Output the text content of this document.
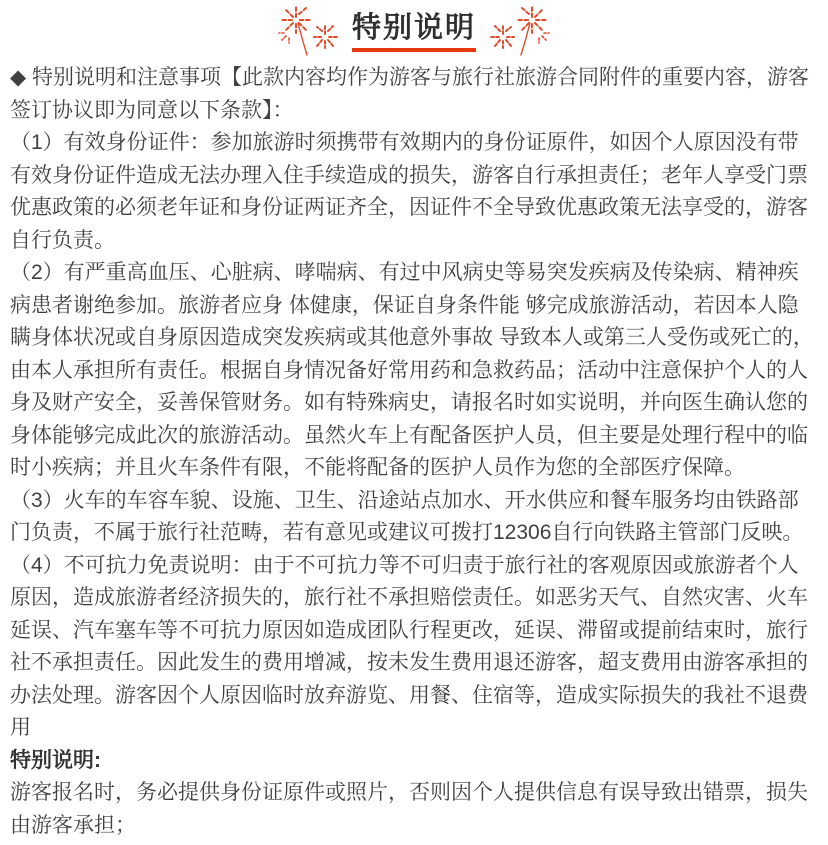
特别说明

◆ 特别说明和注意事项【此款内容均作为游客与旅行社旅游合同附件的重要内容，游客签订协议即为同意以下条款】：

（1）有效身份证件：参加旅游时须携带有效期内的身份证原件，如因个人原因没有带有效身份证件造成无法办理入住手续造成的损失，游客自行承担责任；老年人享受门票优惠政策的必须老年证和身份证两证齐全，因证件不全导致优惠政策无法享受的，游客自行负责。

（2）有严重高血压、心脏病、哮喘病、有过中风病史等易突发疾病及传染病、精神疾病患者谢绝参加。旅游者应身 体健康，保证自身条件能 够完成旅游活动，若因本人隐瞒身体状况或自身原因造成突发疾病或其他意外事故 导致本人或第三人受伤或死亡的，由本人承担所有责任。根据自身情况备好常用药和急救药品；活动中注意保护个人的人身及财产安全，妥善保管财务。如有特殊病史，请报名时如实说明，并向医生确认您的身体能够完成此次的旅游活动。虽然火车上有配备医护人员，但主要是处理行程中的临时小疾病；并且火车条件有限，不能将配备的医护人员作为您的全部医疗保障。

（3）火车的车容车貌、设施、卫生、沿途站点加水、开水供应和餐车服务均由铁路部门负责，不属于旅行社范畴，若有意见或建议可拨打12306自行向铁路主管部门反映。

（4）不可抗力免责说明：由于不可抗力等不可归责于旅行社的客观原因或旅游者个人原因，造成旅游者经济损失的，旅行社不承担赔偿责任。如恶劣天气、自然灾害、火车延误、汽车塞车等不可抗力原因如造成团队行程更改，延误、滞留或提前结束时，旅行社不承担责任。因此发生的费用增减，按未发生费用退还游客，超支费用由游客承担的办法处理。游客因个人原因临时放弃游览、用餐、住宿等，造成实际损失的我社不退费用

特别说明:

游客报名时，务必提供身份证原件或照片，否则因个人提供信息有误导致出错票，损失由游客承担；
